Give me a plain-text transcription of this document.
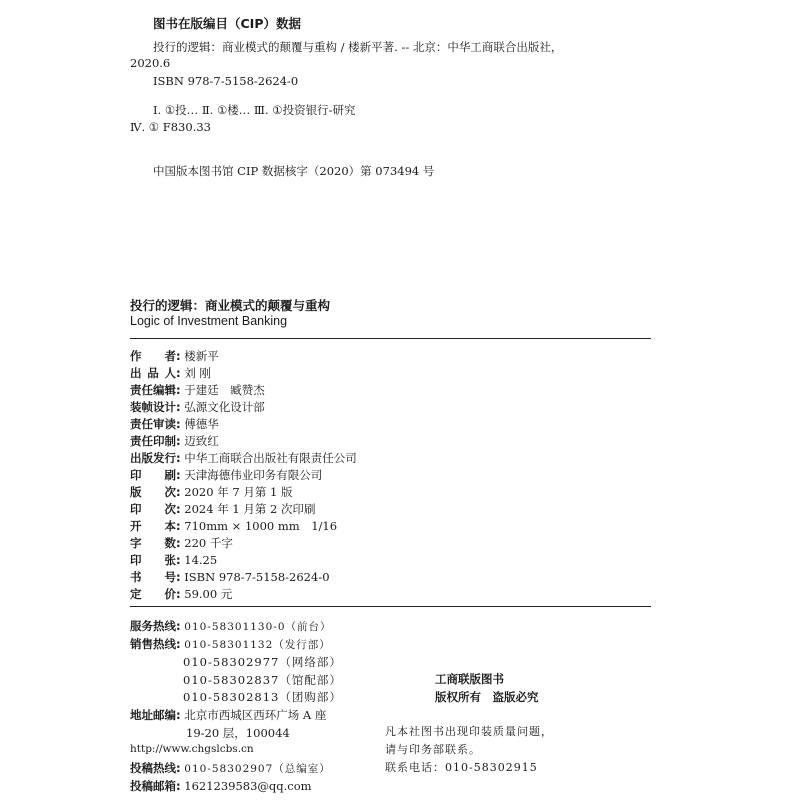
图书在版编目（CIP）数据
投行的逻辑：商业模式的颠覆与重构 / 楼新平著. -- 北京：中华工商联合出版社，
2020.6
ISBN 978-7-5158-2624-0
Ⅰ. ①投… Ⅱ. ①楼… Ⅲ. ①投资银行-研究
Ⅳ. ① F830.33
中国版本图书馆 CIP 数据核字（2020）第 073494 号
投行的逻辑：商业模式的颠覆与重构
Logic of Investment Banking
作者: 楼新平
出品人: 刘 刚
责任编辑: 于建廷　臧赞杰
装帧设计: 弘源文化设计部
责任审读: 傅德华
责任印制: 迈致红
出版发行: 中华工商联合出版社有限责任公司
印刷: 天津海德伟业印务有限公司
版次: 2020 年 7 月第 1 版
印次: 2024 年 1 月第 2 次印刷
开本: 710mm × 1000 mm　1/16
字数: 220 千字
印张: 14.25
书号: ISBN 978-7-5158-2624-0
定价: 59.00 元
服务热线: 010-58301130-0（前台）
销售热线: 010-58301132（发行部）
010-58302977（网络部）
010-58302837（馆配部）
010-58302813（团购部）
地址邮编: 北京市西城区西环广场 A 座
19-20 层，100044
http://www.chgslcbs.cn
投稿热线: 010-58302907（总编室）
投稿邮箱: 1621239583@qq.com
工商联版图书
版权所有　盗版必究
凡本社图书出现印装质量问题，
请与印务部联系。
联系电话：010-58302915
